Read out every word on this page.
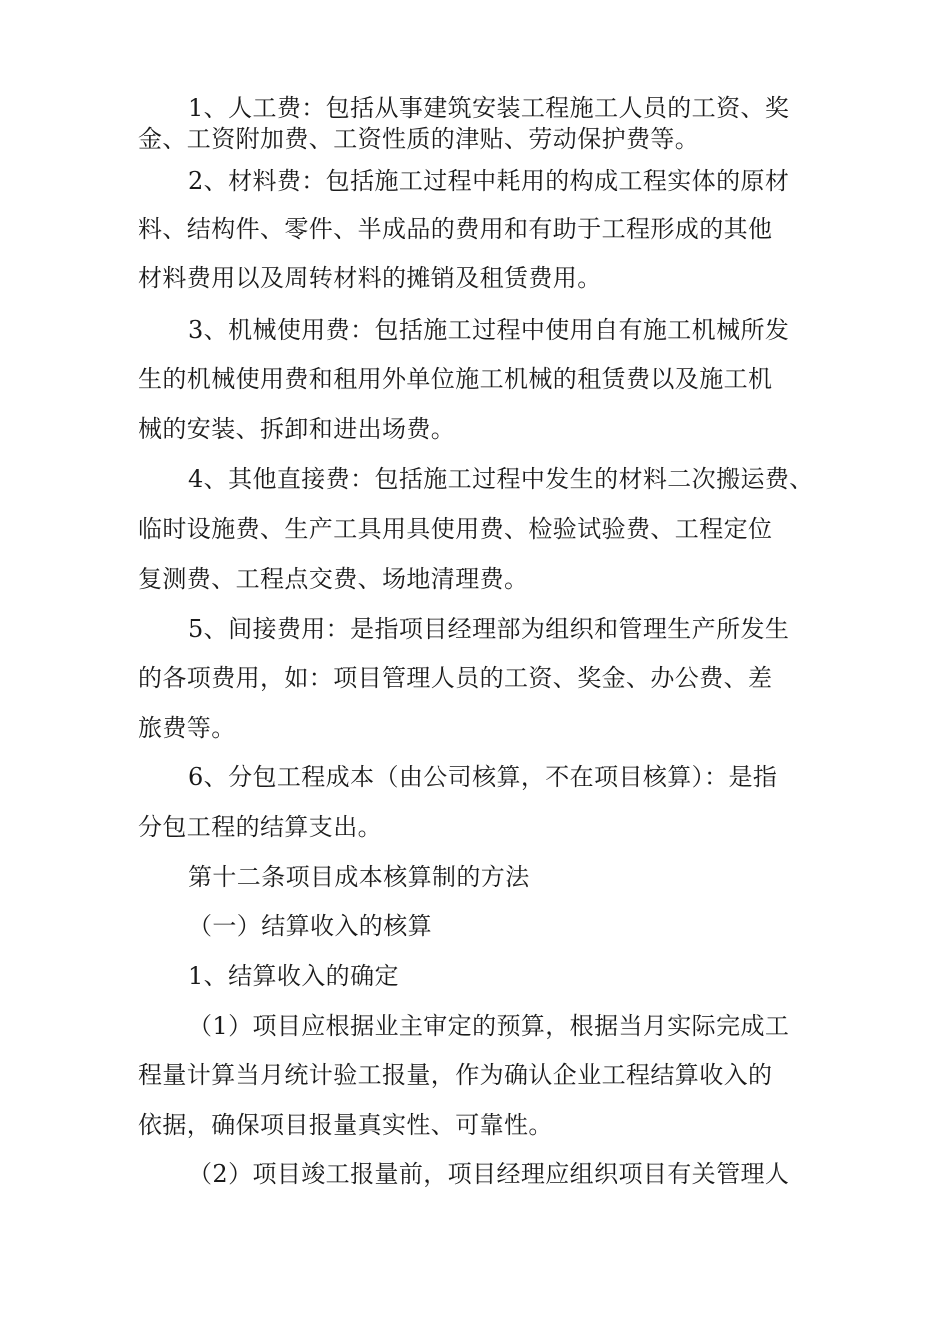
1、人工费：包括从事建筑安装工程施工人员的工资、奖
金、工资附加费、工资性质的津贴、劳动保护费等。
2、材料费：包括施工过程中耗用的构成工程实体的原材
料、结构件、零件、半成品的费用和有助于工程形成的其他
材料费用以及周转材料的摊销及租赁费用。
3、机械使用费：包括施工过程中使用自有施工机械所发
生的机械使用费和租用外单位施工机械的租赁费以及施工机
械的安装、拆卸和进出场费。
4、其他直接费：包括施工过程中发生的材料二次搬运费、
临时设施费、生产工具用具使用费、检验试验费、工程定位
复测费、工程点交费、场地清理费。
5、间接费用：是指项目经理部为组织和管理生产所发生
的各项费用，如：项目管理人员的工资、奖金、办公费、差
旅费等。
6、分包工程成本（由公司核算，不在项目核算）：是指
分包工程的结算支出。
第十二条项目成本核算制的方法
（一）结算收入的核算
1、结算收入的确定
（1）项目应根据业主审定的预算，根据当月实际完成工
程量计算当月统计验工报量，作为确认企业工程结算收入的
依据，确保项目报量真实性、可靠性。
（2）项目竣工报量前，项目经理应组织项目有关管理人
